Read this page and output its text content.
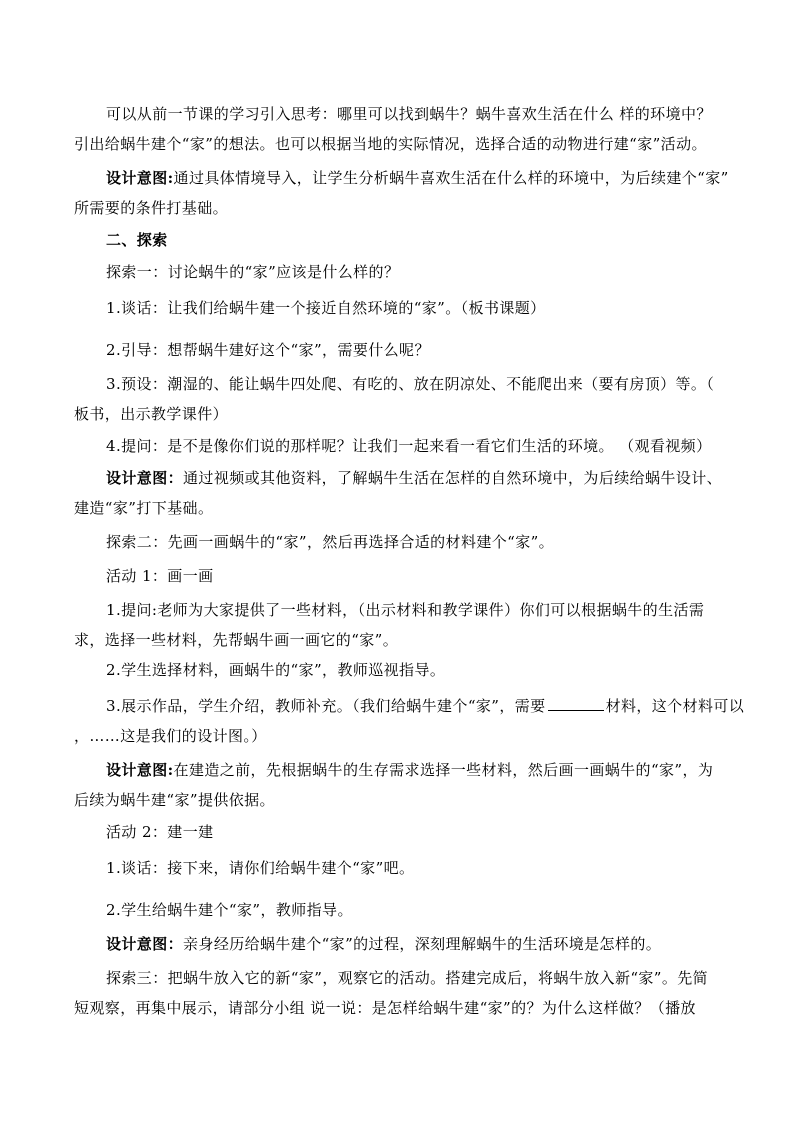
可以从前一节课的学习引入思考：哪里可以找到蜗牛？蜗牛喜欢生活在什么 样的环境中？
引出给蜗牛建个“家”的想法。也可以根据当地的实际情况，选择合适的动物进行建“家”活动。
设计意图:通过具体情境导入，让学生分析蜗牛喜欢生活在什么样的环境中，为后续建个“家”
所需要的条件打基础。
二、探索
探索一：讨论蜗牛的“家”应该是什么样的？
1.谈话：让我们给蜗牛建一个接近自然环境的“家”。（板书课题）
2.引导：想帮蜗牛建好这个“家”，需要什么呢？
3.预设：潮湿的、能让蜗牛四处爬、有吃的、放在阴凉处、不能爬出来（要有房顶）等。（
板书，出示教学课件）
4.提问：是不是像你们说的那样呢？让我们一起来看一看它们生活的环境。 （观看视频）
设计意图：通过视频或其他资料，了解蜗牛生活在怎样的自然环境中，为后续给蜗牛设计、
建造“家”打下基础。
探索二：先画一画蜗牛的“家”，然后再选择合适的材料建个“家”。
活动 1：画一画
1.提问:老师为大家提供了一些材料，（出示材料和教学课件）你们可以根据蜗牛的生活需
求，选择一些材料，先帮蜗牛画一画它的“家”。
2.学生选择材料，画蜗牛的“家”，教师巡视指导。
3.展示作品，学生介绍，教师补充。（我们给蜗牛建个“家”，需要	材料，这个材料可以
，……这是我们的设计图。）
设计意图:在建造之前，先根据蜗牛的生存需求选择一些材料，然后画一画蜗牛的“家”，为
后续为蜗牛建“家”提供依据。
活动 2：建一建
1.谈话：接下来，请你们给蜗牛建个“家”吧。
2.学生给蜗牛建个“家”，教师指导。
设计意图：亲身经历给蜗牛建个“家”的过程，深刻理解蜗牛的生活环境是怎样的。
探索三：把蜗牛放入它的新“家”，观察它的活动。搭建完成后，将蜗牛放入新“家”。先简
短观察，再集中展示，请部分小组 说一说：是怎样给蜗牛建“家”的？为什么这样做？（播放
